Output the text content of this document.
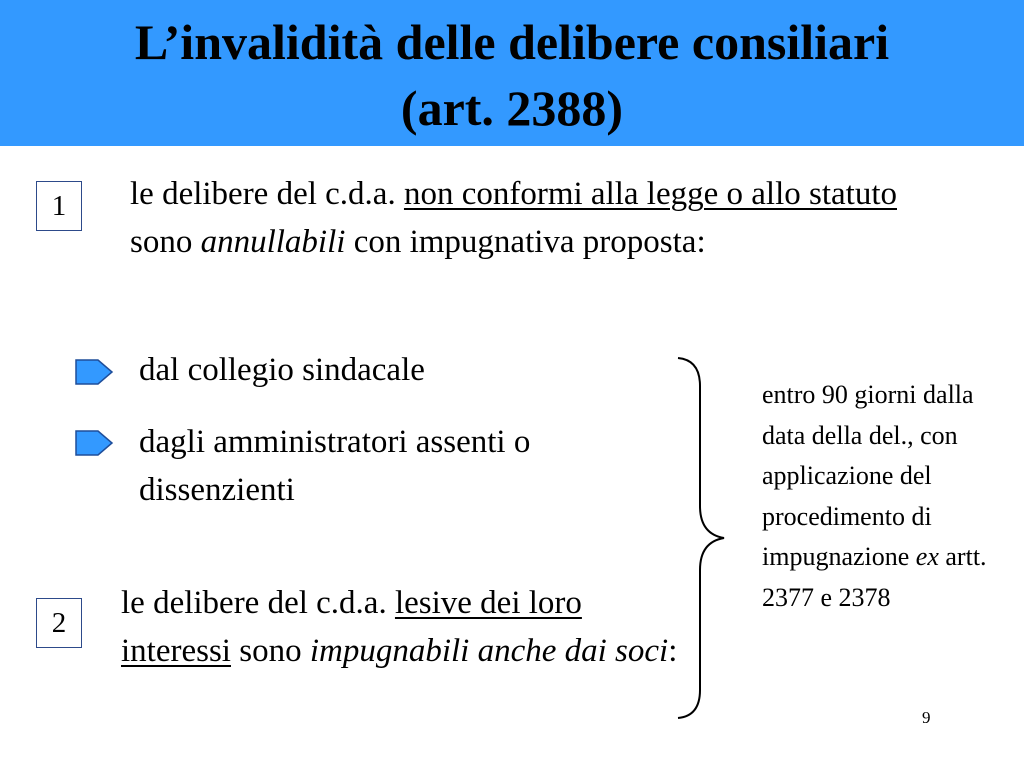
L’invalidità delle delibere consiliari
(art. 2388)
1	le delibere del c.d.a. non conformi alla legge o allo statuto sono annullabili con impugnativa proposta:
dal collegio sindacale
dagli amministratori assenti o dissenzienti
2
le delibere del c.d.a. lesive dei loro interessi sono impugnabili anche dai soci:
entro 90 giorni dalla data della del., con applicazione del procedimento di impugnazione ex artt. 2377 e 2378
9
